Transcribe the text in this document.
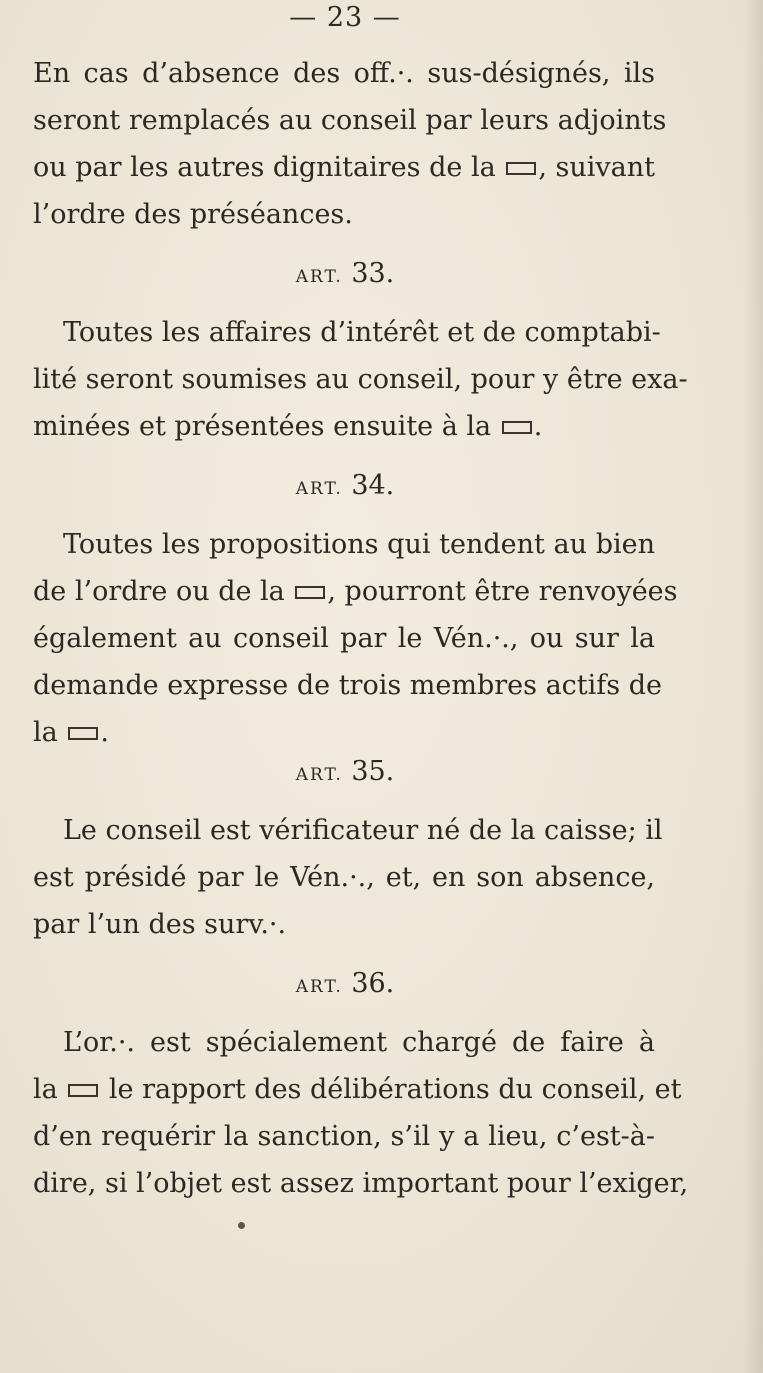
— 23 —
En cas d’absence des off.·. sus-désignés, ils
seront remplacés au conseil par leurs adjoints
ou par les autres dignitaires de la , suivant
l’ordre des préséances.
ART. 33.
Toutes les affaires d’intérêt et de comptabi-
lité seront soumises au conseil, pour y être exa-
minées et présentées ensuite à la .
ART. 34.
Toutes les propositions qui tendent au bien
de l’ordre ou de la , pourront être renvoyées
également au conseil par le Vén.·., ou sur la
demande expresse de trois membres actifs de
la .
ART. 35.
Le conseil est vérificateur né de la caisse; il
est présidé par le Vén.·., et, en son absence,
par l’un des surv.·.
ART. 36.
L’or.·. est spécialement chargé de faire à
la le rapport des délibérations du conseil, et
d’en requérir la sanction, s’il y a lieu, c’est-à-
dire, si l’objet est assez important pour l’exiger,
